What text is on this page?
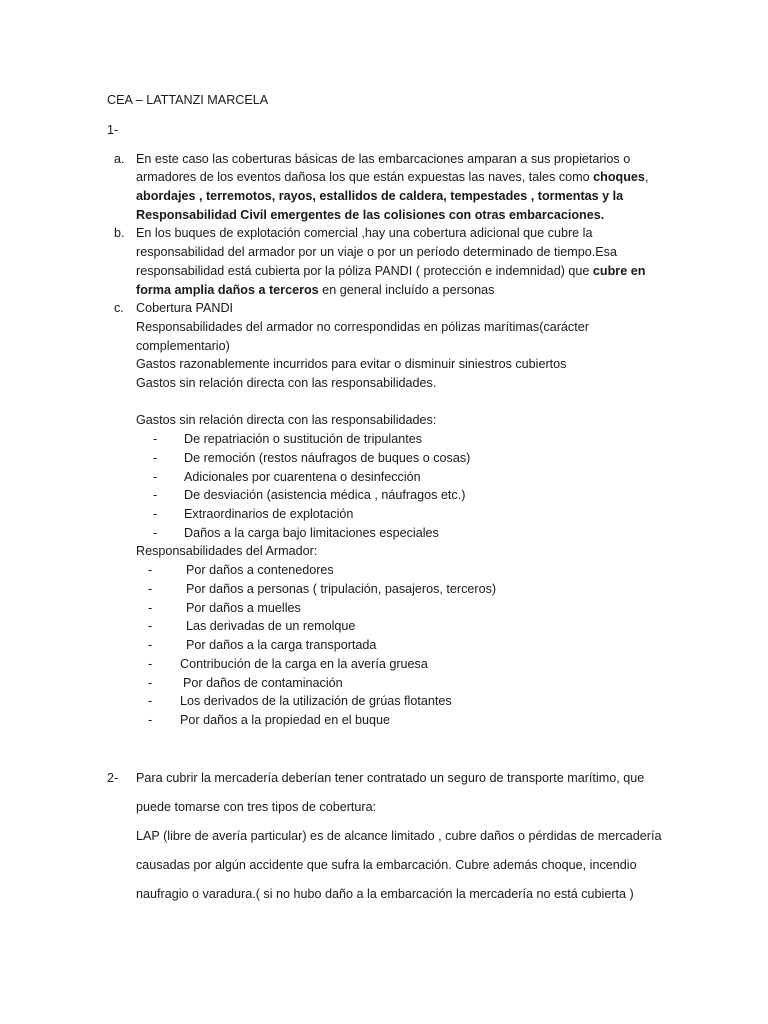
CEA – LATTANZI MARCELA
1-
a. En este caso las coberturas básicas de las embarcaciones amparan a sus propietarios o
armadores de los eventos dañosa los que están expuestas las naves, tales como choques,
abordajes , terremotos, rayos, estallidos de caldera, tempestades , tormentas y la
Responsabilidad Civil emergentes de las colisiones con otras embarcaciones.
b. En los buques de explotación comercial ,hay una cobertura adicional que cubre la
responsabilidad del armador por un viaje o por un período determinado de tiempo.Esa
responsabilidad está cubierta por la póliza PANDI ( protección e indemnidad) que cubre en
forma amplia daños a terceros en general incluído a personas
c. Cobertura PANDI
Responsabilidades del armador no correspondidas en pólizas marítimas(carácter
complementario)
Gastos razonablemente incurridos para evitar o disminuir siniestros cubiertos
Gastos sin relación directa con las responsabilidades.
Gastos sin relación directa con las responsabilidades:
- De repatriación o sustitución de tripulantes
- De remoción (restos náufragos de buques o cosas)
- Adicionales por cuarentena o desinfección
- De desviación (asistencia médica , náufragos etc.)
- Extraordinarios de explotación
- Daños a la carga bajo limitaciones especiales
Responsabilidades del Armador:
-	Por daños a contenedores
-	Por daños a personas ( tripulación, pasajeros, terceros)
-	Por daños a muelles
-	Las derivadas de un remolque
-	Por daños a la carga transportada
- Contribución de la carga en la avería gruesa
- Por daños de contaminación
- Los derivados de la utilización de grúas flotantes
- Por daños a la propiedad en el buque
2- Para cubrir la mercadería deberían tener contratado un seguro de transporte marítimo, que
puede tomarse con tres tipos de cobertura:
LAP (libre de avería particular) es de alcance limitado , cubre daños o pérdidas de mercadería
causadas por algún accidente que sufra la embarcación. Cubre además choque, incendio
naufragio o varadura.( si no hubo daño a la embarcación la mercadería no está cubierta )
